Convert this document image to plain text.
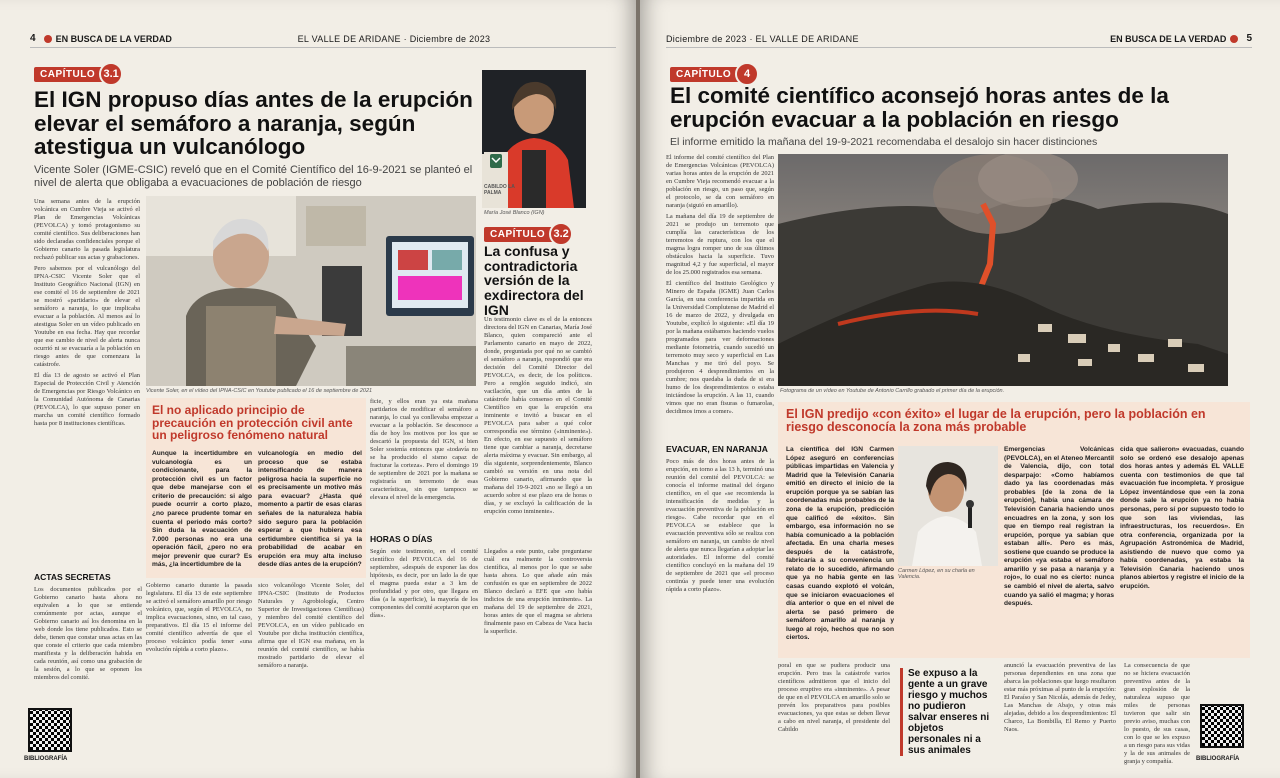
4 EN BUSCA DE LA VERDAD	EL VALLE DE ARIDANE · Diciembre de 2023
CAPÍTULO 3.1
El IGN propuso días antes de la erupción elevar el semáforo a naranja, según atestigua un vulcanólogo
Vicente Soler (IGME-CSIC) reveló que en el Comité Científico del 16-9-2021 se planteó el nivel de alerta que obligaba a evacuaciones de población de riesgo
Vicente Soler, en el vídeo del IPNA-CSIC en Youtube publicado el 16 de septiembre de 2021

Una semana antes de la erupción volcánica en Cumbre Vieja se activó el Plan de Emergencias Volcánicas (PEVOLCA) y tomó protagonismo su comité científico. Sus deliberaciones han sido declaradas confidenciales porque el Gobierno canario la pasada legislatura rechazó publicar sus actas y grabaciones.

Pero sabemos por el vulcanólogo del IPNA-CSIC Vicente Soler que el Instituto Geográfico Nacional (IGN) en ese comité el 16 de septiembre de 2021 se mostró «partidario» de elevar el semáforo a naranja, lo que implicaba evacuar a la población. Al menos así lo atestigua Soler en un vídeo publicado en Youtube en esa fecha. Hay que recordar que ese cambio de nivel de alerta nunca ocurrió ni se evacuaría a la población en riesgo antes de que comenzara la catástrofe.

El día 13 de agosto se activó el Plan Especial de Protección Civil y Atención de Emergencias por Riesgo Volcánico en la Comunidad Autónoma de Canarias (PEVOLCA), lo que supuso poner en marcha un comité científico formado hasta por 8 instituciones científicas.

ACTAS SECRETAS

Los documentos publicados por el Gobierno canario hasta ahora no equivalen a lo que se entiende comúnmente por actas, aunque el Gobierno canario así los denomina en la web donde los tiene publicados. Esto se debe, tienen que constar unas actas en las que conste el criterio que cada miembro manifiesta y la deliberación habida en cada reunión, así como una grabación de la sesión, a lo que se oponen los miembros del comité.

BIBLIOGRAFÍA
El no aplicado principio de precaución en protección civil ante un peligroso fenómeno natural
Aunque la incertidumbre en vulcanología es un condicionante, para la protección civil es un factor que debe manejarse con el criterio de precaución: si algo puede ocurrir a corto plazo, ¿no parece prudente tomar en cuenta el periodo más corto? Sin duda la evacuación de 7.000 personas no era una operación fácil, ¿pero no era mejor prevenir que curar? Es más, ¿la incertidumbre de la
vulcanología en medio del proceso que se estaba intensificando de manera peligrosa hacia la superficie no es precisamente un motivo más para evacuar? ¿Hasta qué momento a partir de esas claras señales de la naturaleza había sido seguro para la población esperar a que hubiera esa certidumbre científica si ya la probabilidad de acabar en erupción era muy alta incluso desde días antes de la erupción?
ficie, y ellos eran ya esta mañana partidarios de modificar el semáforo a naranja, lo cual ya conllevaba empezar a evacuar a la población. Se desconoce a día de hoy los motivos por los que se descartó la propuesta del IGN, si bien Soler sostenía entonces que «todavía no se ha producido el sismo capaz de fracturar la corteza». Pero el domingo 19 de septiembre de 2021 por la mañana se registraría un terremoto de esas características, sin que tampoco se elevara el nivel de la emergencia.
HORAS O DÍAS

Según este testimonio, en el comité científico del PEVOLCA del 16 de septiembre, «después de exponer las dos hipótesis, es decir, por un lado la de que el magma pueda estar a 3 km de profundidad y por otro, que llegara en días (a la superficie), la mayoría de los componentes del comité aceptaron que en días».

Gobierno canario durante la pasada legislatura. El día 13 de este septiembre se activó el semáforo amarillo por riesgo volcánico, que, según el PEVOLCA, no implica evacuaciones, sino, en tal caso, preparativos. El día 15 el informe del comité científico advertía de que el proceso volcánico podía tener «una evolución rápida a corto plazo».
sico volcanólogo Vicente Soler, del IPNA-CSIC (Instituto de Productos Naturales y Agrobiología, Centro Superior de Investigaciones Científicas) y miembro del comité científico del PEVOLCA, en un vídeo publicado en Youtube por dicha institución científica, afirma que el IGN esa mañana, en la reunión del comité científico, se había mostrado partidario de elevar el semáforo a naranja.
CABILDO LA PALMA
María José Blanco (IGN)
CAPÍTULO 3.2
La confusa y contradictoria versión de la exdirectora del IGN
Un testimonio clave es el de la entonces directora del IGN en Canarias, María José Blanco, quien compareció ante el Parlamento canario en mayo de 2022, donde, preguntada por qué no se cambió el semáforo a naranja, respondió que era decisión del Comité Director del PEVOLCA, es decir, de los políticos. Pero a renglón seguido indicó, sin vacilación, que un día antes de la catástrofe había consenso en el Comité Científico en que la erupción era inminente e invitó a buscar en el PEVOLCA para saber a qué color correspondía ese término («inminente»). En efecto, en ese supuesto el semáforo tiene que cambiar a naranja, decretarse alerta máxima y evacuar. Sin embargo, al día siguiente, sorprendentemente, Blanco cambió su versión en una nota del Gobierno canario, afirmando que la mañana del 19-9-2021 «no se llegó a un acuerdo sobre si ese plazo era de horas o días, y se excluyó la calificación de la erupción como inminente».
Llegados a este punto, cabe preguntarse cuál era realmente la controversia científica, al menos por lo que se sabe hasta ahora. Lo que añade aún más confusión es que en septiembre de 2022 Blanco declaró a EFE que «no había indicios de una erupción inminente». La mañana del 19 de septiembre de 2021, horas antes de que el magma se abriera finalmente paso en Cabeza de Vaca hacia la superficie.
Diciembre de 2023 · EL VALLE DE ARIDANE	EN BUSCA DE LA VERDAD 5
CAPÍTULO	4
El comité científico aconsejó horas antes de la erupción evacuar a la población en riesgo
El informe emitido la mañana del 19-9-2021 recomendaba el desalojo sin hacer distinciones

El informe del comité científico del Plan de Emergencias Volcánicas (PEVOLCA) varias horas antes de la erupción de 2021 en Cumbre Vieja recomendó evacuar a la población en riesgo, un paso que, según el protocolo, se da con semáforo en naranja (siguió en amarillo).

La mañana del día 19 de septiembre de 2021 se produjo un terremoto que cumplía las características de los terremotos de ruptura, con los que el magma logra romper uno de sus últimos obstáculos hacia la superficie. Tuvo magnitud 4,2 y fue superficial, el mayor de los 25.000 registrados esa semana.

El científico del Instituto Geológico y Minero de España (IGME) Juan Carlos García, en una conferencia impartida en la Universidad Complutense de Madrid el 16 de marzo de 2022, y divulgada en Youtube, explicó lo siguiente: «El día 19 por la mañana estábamos haciendo vuelos programados para ver deformaciones mediante fotometría, cuando sucedió un terremoto muy seco y superficial en Las Manchas y me tiró del poyo. Se produjeron 4 desprendimientos en la cumbre; nos quedaba la duda de si era humo de los desprendimientos o estaba iniciándose la erupción. A las 11, cuando vimos que no eran fisuras o fumarolas, decidimos irnos a comer».

EVACUAR, EN NARANJA

Poco más de dos horas antes de la erupción, en torno a las 13 h, terminó una reunión del comité del PEVOLCA: se conocía el informe matinal del órgano científico, en el que «se recomienda la intensificación de medidas y la evacuación preventiva de la población en riesgo». Cabe recordar que en el PEVOLCA se establece que la evacuación preventiva sólo se realiza con semáforo en naranja, un cambio de nivel de alerta que nunca llegarían a adoptar las autoridades. El informe del comité científico concluyó en la mañana del 19 de septiembre de 2021 que «el proceso continúa y puede tener una evolución rápida a corto plazo».

Fotograma de un vídeo en Youtube de Antonio Carrillo grabado el primer día de la erupción.
El IGN predijo «con éxito» el lugar de la erupción, pero la población en riesgo desconocía la zona más probable
La científica del IGN Carmen López aseguró en conferencias públicas impartidas en Valencia y Madrid que la Televisión Canaria emitió en directo el inicio de la erupción porque ya se sabían las coordenadas más probables de la zona de la erupción, predicción que calificó de «éxito». Sin embargo, esa información no se había comunicado a la población afectada. En una charla meses después de la catástrofe, fabricaría a su conveniencia un relato de lo sucedido, afirmando que ya no había gente en las casas cuando explotó el volcán, que se iniciaron evacuaciones el día anterior o que en el nivel de alerta se pasó primero de semáforo amarillo al naranja y luego al rojo, hechos que no son ciertos.
Carmen López, en su charla en Valencia.
Emergencias Volcánicas (PEVOLCA), en el Ateneo Mercantil de Valencia, dijo, con total desparpajo: «Como habíamos dado ya las coordenadas más probables [de la zona de la erupción], había una cámara de Televisión Canaria haciendo unos encuadres en la zona, y son los que en tiempo real registran la erupción, porque ya sabían que estaban allí». Pero es más, sostiene que cuando se produce la erupción «ya estaba el semáforo amarillo y se pasa a naranja y a rojo», lo cual no es cierto: nunca se cambió el nivel de alerta, salvo cuando ya salió el magma; y horas después.
cida que salieron» evacuadas, cuando solo se ordenó ese desalojo apenas dos horas antes y además EL VALLE cuenta con testimonios de que tal evacuación fue incompleta. Y prosigue López inventándose que «en la zona donde sale la erupción ya no había personas, pero sí por supuesto todo lo que son las viviendas, las infraestructuras, los recuerdos». En otra conferencia, organizada por la Agrupación Astronómica de Madrid, asistiendo de nuevo que como ya había coordenadas, ya estaba la Televisión Canaria haciendo unos planos abiertos y registre el inicio de la erupción.
Se expuso a la gente a un grave riesgo y muchos no pudieron salvar enseres ni objetos personales ni a sus animales
poral en que se pudiera producir una erupción. Pero tras la catástrofe varios científicos admitieron que el inicio del proceso eruptivo era «inminente». A pesar de que en el PEVOLCA en amarillo solo se prevén los preparativos para posibles evacuaciones, ya que estas se deben llevar a cabo en nivel naranja, el presidente del Cabildo
anunció la evacuación preventiva de las personas dependientes en una zona que abarca las poblaciones que luego resultaron estar más próximas al punto de la erupción: El Paraíso y San Nicolás, además de Jedey, Las Manchas de Abajo, y otras más alejadas, debido a los desprendimientos: El Charco, La Bombilla, El Remo y Puerto Naos.
La consecuencia de que no se hiciera evacuación preventiva antes de la gran explosión de la naturaleza supuso que miles de personas tuvieron que salir sin previo aviso, muchas con lo puesto, de sus casas, con lo que se les expuso a un riesgo para sus vidas y la de sus animales de granja y compañía.	BIBLIOGRAFÍA
